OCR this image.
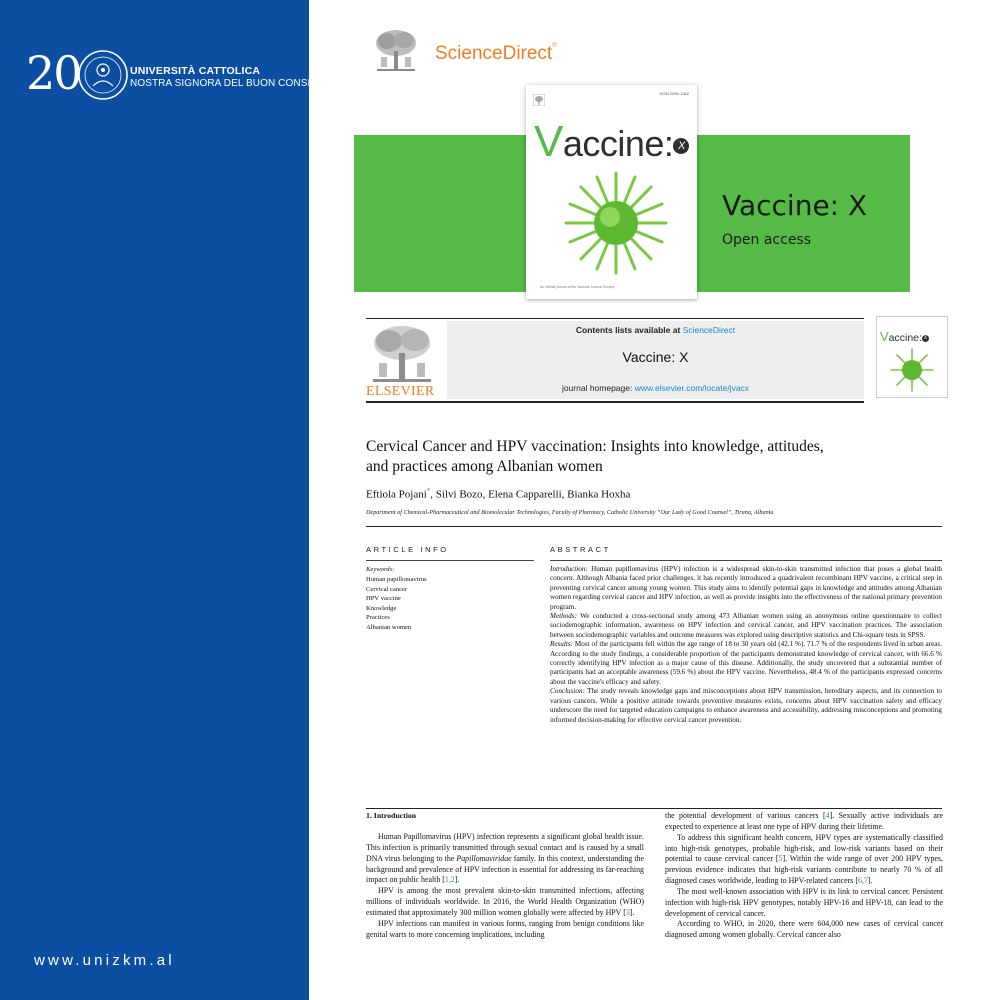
20	UNIVERSITÀ CATTOLICA
NOSTRA SIGNORA DEL BUON CONSIGLIO
www.unizkm.al
ScienceDirect®
ISSN 2590-1362
Vaccine: X
An official journal of the Vaccine Journal Society
Vaccine: X
Open access
ELSEVIER
Contents lists available at ScienceDirect
Vaccine: X
journal homepage: www.elsevier.com/locate/jvacx
Vaccine: X
Cervical Cancer and HPV vaccination: Insights into knowledge, attitudes,
and practices among Albanian women
Eftiola Pojani*, Silvi Bozo, Elena Capparelli, Bianka Hoxha
Department of Chemical-Pharmaceutical and Biomolecular Technologies, Faculty of Pharmacy, Catholic University “Our Lady of Good Counsel”, Tirana, Albania
ARTICLE INFO
Keywords:
Human papillomavirus
Cervical cancer
HPV vaccine
Knowledge
Practices
Albanian women
ABSTRACT

Introduction: Human papillomavirus (HPV) infection is a widespread skin-to-skin transmitted infection that poses a global health concern. Although Albania faced prior challenges, it has recently introduced a quadrivalent recombinant HPV vaccine, a critical step in preventing cervical cancer among young women. This study aims to identify potential gaps in knowledge and attitudes among Albanian women regarding cervical cancer and HPV infection, as well as provide insights into the effectiveness of the national primary prevention program.

Methods: We conducted a cross-sectional study among 473 Albanian women using an anonymous online questionnaire to collect sociodemographic information, awareness on HPV infection and cervical cancer, and HPV vaccination practices. The association between sociodemographic variables and outcome measures was explored using descriptive statistics and Chi-square tests in SPSS.

Results: Most of the participants fell within the age range of 18 to 30 years old (42.1 %). 71.7 % of the respondents lived in urban areas. According to the study findings, a considerable proportion of the participants demonstrated knowledge of cervical cancer, with 66.6 % correctly identifying HPV infection as a major cause of this disease. Additionally, the study uncovered that a substantial number of participants had an acceptable awareness (59.6 %) about the HPV vaccine. Nevertheless, 48.4 % of the participants expressed concerns about the vaccine's efficacy and safety.

Conclusion: The study reveals knowledge gaps and misconceptions about HPV transmission, hereditary aspects, and its connection to various cancers. While a positive attitude towards preventive measures exists, concerns about HPV vaccination safety and efficacy underscore the need for targeted education campaigns to enhance awareness and accessibility, addressing misconceptions and promoting informed decision-making for effective cervical cancer prevention.

1. Introduction

Human Papillomavirus (HPV) infection represents a significant global health issue. This infection is primarily transmitted through sexual contact and is caused by a small DNA virus belonging to the Papillomaviridae family. In this context, understanding the background and prevalence of HPV infection is essential for addressing its far-reaching impact on public health [1,2].

HPV is among the most prevalent skin-to-skin transmitted infections, affecting millions of individuals worldwide. In 2016, the World Health Organization (WHO) estimated that approximately 300 million women globally were affected by HPV [3].

HPV infections can manifest in various forms, ranging from benign conditions like genital warts to more concerning implications, including

the potential development of various cancers [4]. Sexually active individuals are expected to experience at least one type of HPV during their lifetime.

To address this significant health concern, HPV types are systematically classified into high-risk genotypes, probable high-risk, and low-risk variants based on their potential to cause cervical cancer [5]. Within the wide range of over 200 HPV types, previous evidence indicates that high-risk variants contribute to nearly 70 % of all diagnosed cases worldwide, leading to HPV-related cancers [6,7].

The most well-known association with HPV is its link to cervical cancer. Persistent infection with high-risk HPV genotypes, notably HPV-16 and HPV-18, can lead to the development of cervical cancer.

According to WHO, in 2020, there were 604,000 new cases of cervical cancer diagnosed among women globally. Cervical cancer also
